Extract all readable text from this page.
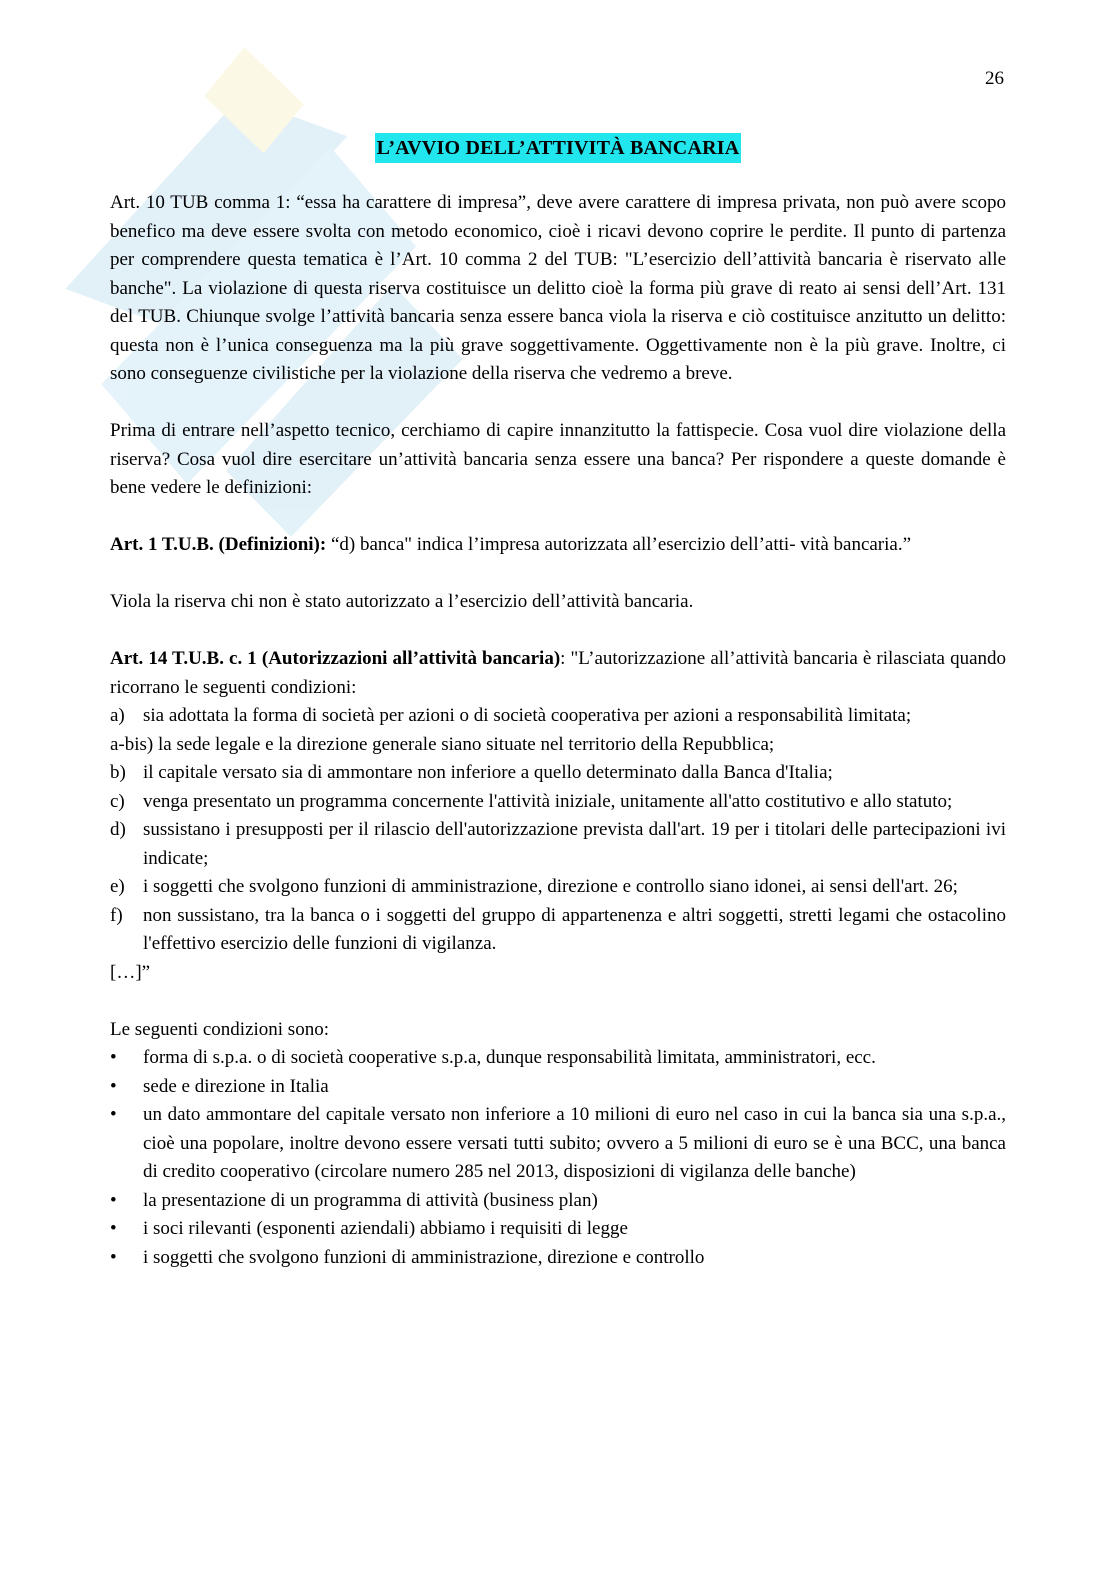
26
L’AVVIO DELL’ATTIVITÀ BANCARIA

Art. 10 TUB comma 1: “essa ha carattere di impresa”, deve avere carattere di impresa privata, non può avere scopo benefico ma deve essere svolta con metodo economico, cioè i ricavi devono coprire le perdite. Il punto di partenza per comprendere questa tematica è l’Art. 10 comma 2 del TUB: "L’esercizio dell’attività bancaria è riservato alle banche". La violazione di questa riserva costituisce un delitto cioè la forma più grave di reato ai sensi dell’Art. 131 del TUB. Chiunque svolge l’attività bancaria senza essere banca viola la riserva e ciò costituisce anzitutto un delitto: questa non è l’unica conseguenza ma la più grave soggettivamente. Oggettivamente non è la più grave. Inoltre, ci sono conseguenze civilistiche per la violazione della riserva che vedremo a breve.

Prima di entrare nell’aspetto tecnico, cerchiamo di capire innanzitutto la fattispecie. Cosa vuol dire violazione della riserva? Cosa vuol dire esercitare un’attività bancaria senza essere una banca? Per rispondere a queste domande è bene vedere le definizioni:

Art. 1 T.U.B. (Definizioni): “d) banca" indica l’impresa autorizzata all’esercizio dell’atti- vità bancaria.”

Viola la riserva chi non è stato autorizzato a l’esercizio dell’attività bancaria.

Art. 14 T.U.B. c. 1 (Autorizzazioni all’attività bancaria): "L’autorizzazione all’attività bancaria è rilasciata quando ricorrano le seguenti condizioni:

a) sia adottata la forma di società per azioni o di società cooperativa per azioni a responsabilità limitata;
a-bis) la sede legale e la direzione generale siano situate nel territorio della Repubblica;
b) il capitale versato sia di ammontare non inferiore a quello determinato dalla Banca d'Italia;
c) venga presentato un programma concernente l'attività iniziale, unitamente all'atto costitutivo e allo statuto;
d) sussistano i presupposti per il rilascio dell'autorizzazione prevista dall'art. 19 per i titolari delle partecipazioni ivi indicate;
e) i soggetti che svolgono funzioni di amministrazione, direzione e controllo siano idonei, ai sensi dell'art. 26;
f)	non sussistano, tra la banca o i soggetti del gruppo di appartenenza e altri soggetti, stretti legami che ostacolino l'effettivo esercizio delle funzioni di vigilanza.

[…]”

Le seguenti condizioni sono:

•	forma di s.p.a. o di società cooperative s.p.a, dunque responsabilità limitata, amministratori, ecc.
•	sede e direzione in Italia
•	un dato ammontare del capitale versato non inferiore a 10 milioni di euro nel caso in cui la banca sia una s.p.a., cioè una popolare, inoltre devono essere versati tutti subito; ovvero a 5 milioni di euro se è una BCC, una banca di credito cooperativo (circolare numero 285 nel 2013, disposizioni di vigilanza delle banche)
•	la presentazione di un programma di attività (business plan)
•	i soci rilevanti (esponenti aziendali) abbiamo i requisiti di legge
•	i soggetti che svolgono funzioni di amministrazione, direzione e controllo
